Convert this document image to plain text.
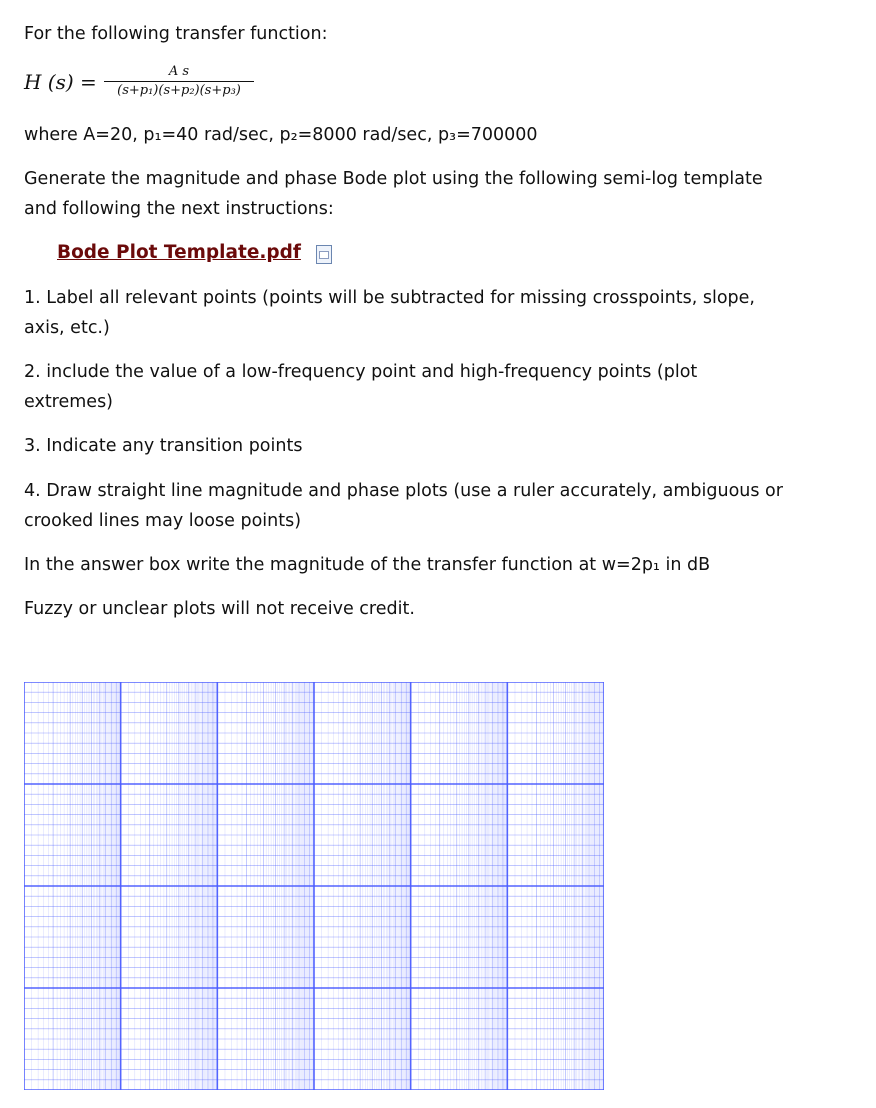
For the following transfer function:
H (s) =	A s
(s+p₁)(s+p₂)(s+p₃)
where A=20, p₁=40 rad/sec, p₂=8000 rad/sec, p₃=700000
Generate the magnitude and phase Bode plot using the following semi-log template
and following the next instructions:
Bode Plot Template.pdf
1. Label all relevant points (points will be subtracted for missing crosspoints, slope,
axis, etc.)
2. include the value of a low-frequency point and high-frequency points (plot
extremes)
3. Indicate any transition points
4. Draw straight line magnitude and phase plots (use a ruler accurately, ambiguous or
crooked lines may loose points)
In the answer box write the magnitude of the transfer function at w=2p₁ in dB
Fuzzy or unclear plots will not receive credit.
